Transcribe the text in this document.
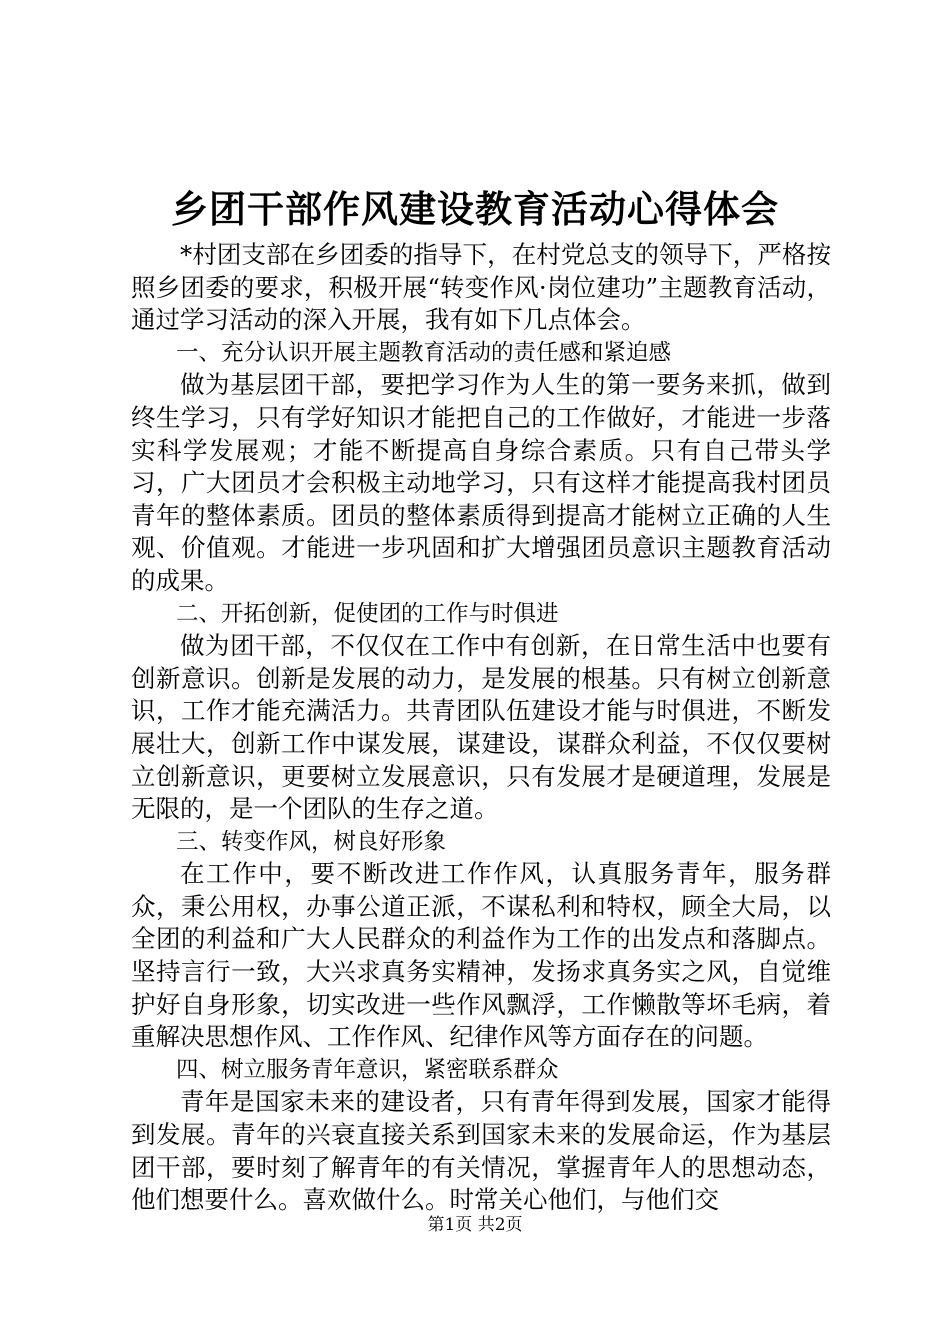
乡团干部作风建设教育活动心得体会

*村团支部在乡团委的指导下，在村党总支的领导下，严格按照乡团委的要求，积极开展“转变作风·岗位建功”主题教育活动，通过学习活动的深入开展，我有如下几点体会。

一、充分认识开展主题教育活动的责任感和紧迫感

做为基层团干部，要把学习作为人生的第一要务来抓，做到终生学习，只有学好知识才能把自己的工作做好，才能进一步落实科学发展观；才能不断提高自身综合素质。只有自己带头学习，广大团员才会积极主动地学习，只有这样才能提高我村团员青年的整体素质。团员的整体素质得到提高才能树立正确的人生观、价值观。才能进一步巩固和扩大增强团员意识主题教育活动的成果。

二、开拓创新，促使团的工作与时俱进

做为团干部，不仅仅在工作中有创新，在日常生活中也要有创新意识。创新是发展的动力，是发展的根基。只有树立创新意识，工作才能充满活力。共青团队伍建设才能与时俱进，不断发展壮大，创新工作中谋发展，谋建设，谋群众利益，不仅仅要树立创新意识，更要树立发展意识，只有发展才是硬道理，发展是无限的，是一个团队的生存之道。

三、转变作风，树良好形象

在工作中，要不断改进工作作风，认真服务青年，服务群众，秉公用权，办事公道正派，不谋私利和特权，顾全大局，以全团的利益和广大人民群众的利益作为工作的出发点和落脚点。坚持言行一致，大兴求真务实精神，发扬求真务实之风，自觉维护好自身形象，切实改进一些作风飘浮，工作懒散等坏毛病，着重解决思想作风、工作作风、纪律作风等方面存在的问题。

四、树立服务青年意识，紧密联系群众

青年是国家未来的建设者，只有青年得到发展，国家才能得到发展。青年的兴衰直接关系到国家未来的发展命运，作为基层团干部，要时刻了解青年的有关情况，掌握青年人的思想动态，他们想要什么。喜欢做什么。时常关心他们，与他们交

第1页 共2页
